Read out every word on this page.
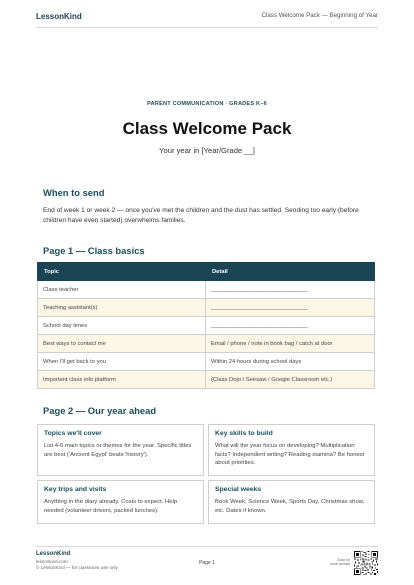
LessonKind	Class Welcome Pack — Beginning of Year
PARENT COMMUNICATION · GRADES K–6
Class Welcome Pack
Your year in [Year/Grade __]
When to send

End of week 1 or week 2 — once you've met the children and the dust has settled. Sending too early (before children have even started) overwhelms families.

Page 1 — Class basics
Topic	Detail
Class teacher	______________________________
Teaching assistant(s)	______________________________
School day times	______________________________
Best ways to contact me	Email / phone / note in book bag / catch at door
When I'll get back to you	Within 24 hours during school days
Important class info platform	(Class Dojo / Seesaw / Google Classroom etc.)
Page 2 — Our year ahead
Topics we'll cover
List 4-6 main topics or themes for the year. Specific titles are best ('Ancient Egypt' beats 'history').
Key skills to build
What will the year focus on developing? Multiplication facts? Independent writing? Reading stamina? Be honest about priorities.
Key trips and visits
Anything in the diary already. Costs to expect. Help needed (volunteer drivers, packed lunches).
Special weeks
Book Week, Science Week, Sports Day, Christmas show, etc. Dates if known.
LessonKind
lessonkind.com
© LessonKind — for classroom use only
Page 1	Scan for more formats
